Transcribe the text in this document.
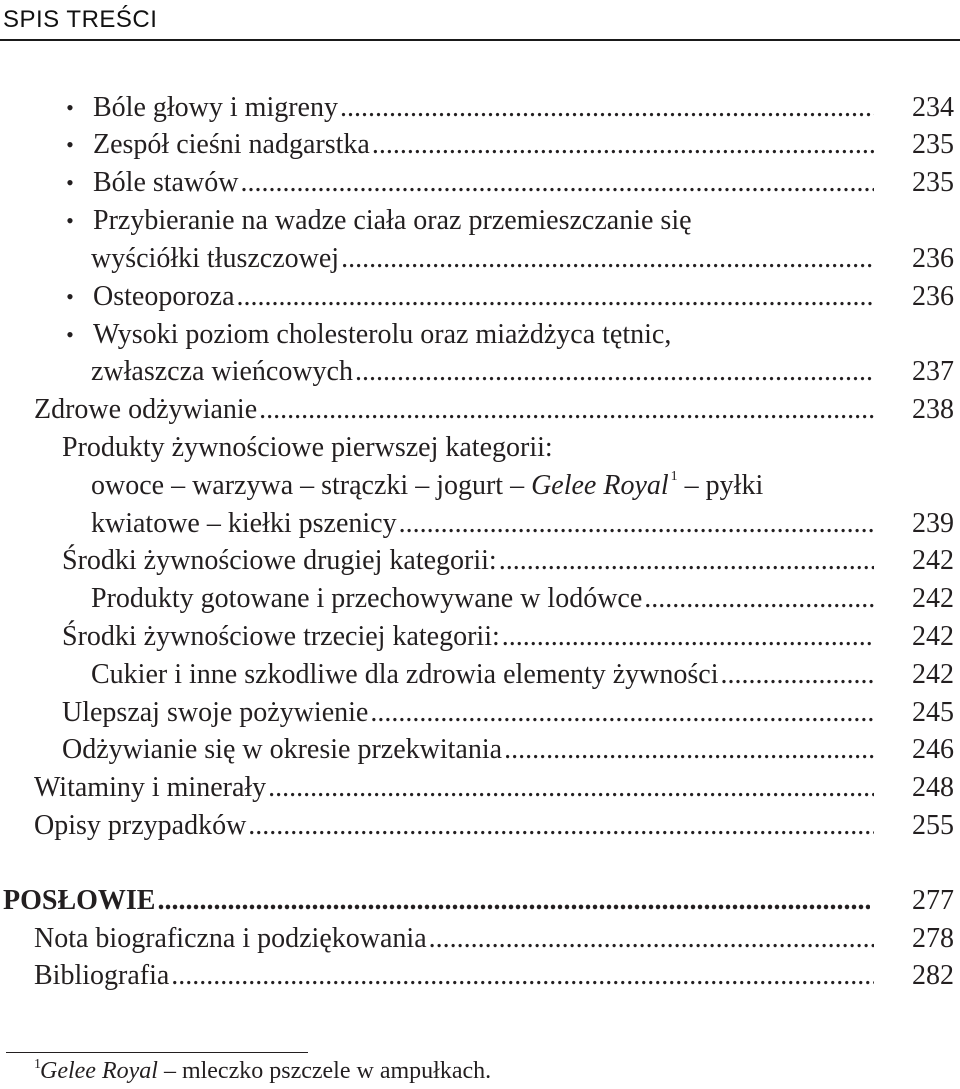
SPIS TREŚCI
• Bóle głowy i migreny .....	234
• Zespół cieśni nadgarstka .....	235
• Bóle stawów .....	235
• Przybieranie na wadze ciała oraz przemieszczanie się
wyściółki tłuszczowej .....	236
• Osteoporoza .....	236
• Wysoki poziom cholesterolu oraz miażdżyca tętnic,
zwłaszcza wieńcowych .....	237
Zdrowe odżywianie .....	238
Produkty żywnościowe pierwszej kategorii:
owoce – warzywa – strączki – jogurt – Gelee Royal $^1$ – pyłki
kwiatowe – kiełki pszenicy .....	239
Środki żywnościowe drugiej kategorii: .....	242
Produkty gotowane i przechowywane w lodówce .....	242
Środki żywnościowe trzeciej kategorii: .....	242
Cukier i inne szkodliwe dla zdrowia elementy żywności .....	242
Ulepszaj swoje pożywienie .....	245
Odżywianie się w okresie przekwitania .....	246
Witaminy i minerały .....	248
Opisy przypadków .....	255
POSŁOWIE .....	277
Nota biograficzna i podziękowania .....	278
Bibliografia .....	282
1 Gelee Royal – mleczko pszczele w ampułkach.
